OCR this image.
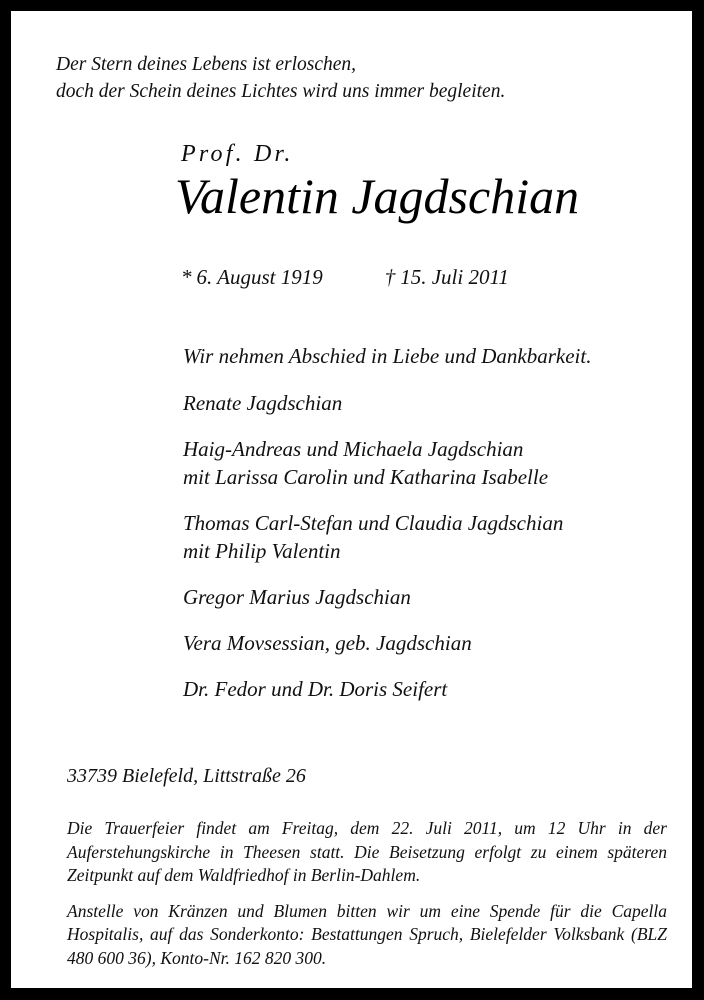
Der Stern deines Lebens ist erloschen,
doch der Schein deines Lichtes wird uns immer begleiten.
Prof. Dr.
Valentin Jagdschian
* 6. August 1919	† 15. Juli 2011
Wir nehmen Abschied in Liebe und Dankbarkeit.
Renate Jagdschian
Haig-Andreas und Michaela Jagdschian
mit Larissa Carolin und Katharina Isabelle
Thomas Carl-Stefan und Claudia Jagdschian
mit Philip Valentin
Gregor Marius Jagdschian
Vera Movsessian, geb. Jagdschian
Dr. Fedor und Dr. Doris Seifert
33739 Bielefeld, Littstraße 26

Die Trauerfeier findet am Freitag, dem 22. Juli 2011, um 12 Uhr in der Auferstehungskirche in Theesen statt. Die Beisetzung erfolgt zu einem späteren Zeitpunkt auf dem Waldfriedhof in Berlin-Dahlem.

Anstelle von Kränzen und Blumen bitten wir um eine Spende für die Capella Hospitalis, auf das Sonderkonto: Bestattungen Spruch, Bielefelder Volksbank (BLZ 480 600 36), Konto-Nr. 162 820 300.
